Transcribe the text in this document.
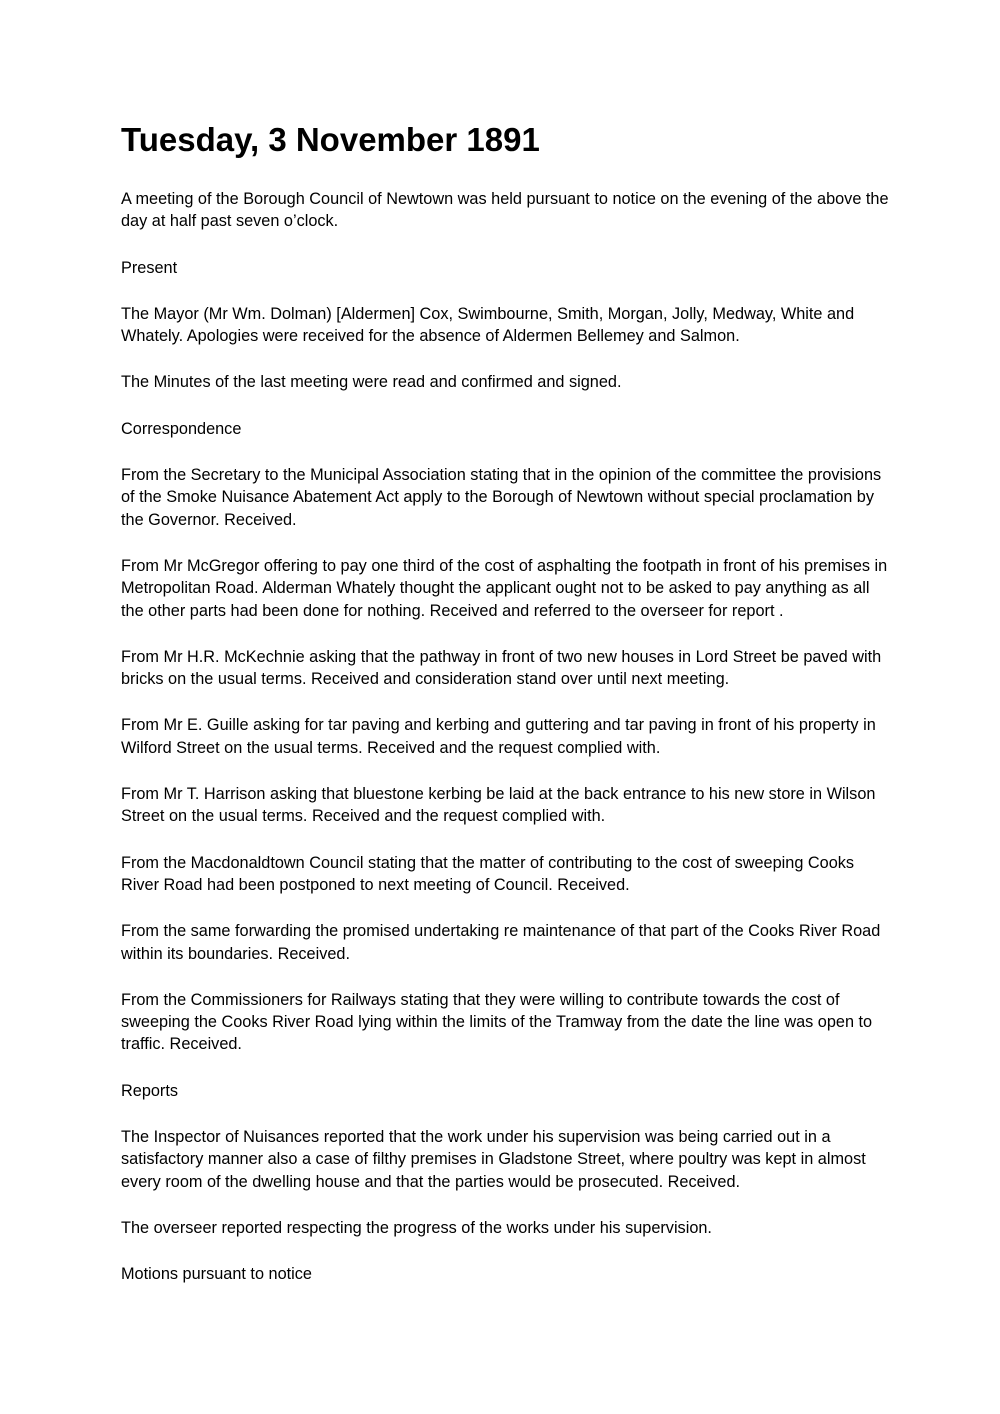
Tuesday, 3 November 1891

A meeting of the Borough Council of Newtown was held pursuant to notice on the evening of the above the day at half past seven o’clock.

Present

The Mayor (Mr Wm. Dolman) [Aldermen] Cox, Swimbourne, Smith, Morgan, Jolly, Medway, White and Whately. Apologies were received for the absence of Aldermen Bellemey and Salmon.

The Minutes of the last meeting were read and confirmed and signed.

Correspondence

From the Secretary to the Municipal Association stating that in the opinion of the committee the provisions of the Smoke Nuisance Abatement Act apply to the Borough of Newtown without special proclamation by the Governor. Received.

From Mr McGregor offering to pay one third of the cost of asphalting the footpath in front of his premises in Metropolitan Road. Alderman Whately thought the applicant ought not to be asked to pay anything as all the other parts had been done for nothing. Received and referred to the overseer for report .

From Mr H.R. McKechnie asking that the pathway in front of two new houses in Lord Street be paved with bricks on the usual terms. Received and consideration stand over until next meeting.

From Mr E. Guille asking for tar paving and kerbing and guttering and tar paving in front of his property in Wilford Street on the usual terms. Received and the request complied with.

From Mr T. Harrison asking that bluestone kerbing be laid at the back entrance to his new store in Wilson Street on the usual terms. Received and the request complied with.

From the Macdonaldtown Council stating that the matter of contributing to the cost of sweeping Cooks River Road had been postponed to next meeting of Council. Received.

From the same forwarding the promised undertaking re maintenance of that part of the Cooks River Road within its boundaries. Received.

From the Commissioners for Railways stating that they were willing to contribute towards the cost of sweeping the Cooks River Road lying within the limits of the Tramway from the date the line was open to traffic. Received.

Reports

The Inspector of Nuisances reported that the work under his supervision was being carried out in a satisfactory manner also a case of filthy premises in Gladstone Street, where poultry was kept in almost every room of the dwelling house and that the parties would be prosecuted. Received.

The overseer reported respecting the progress of the works under his supervision.

Motions pursuant to notice
